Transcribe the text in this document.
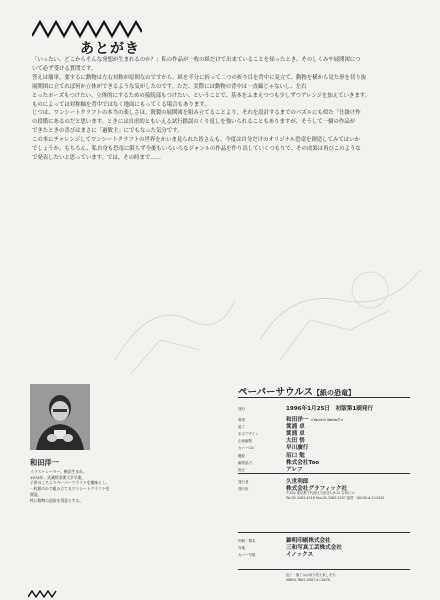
あとがき

「いったい、どこからそんな発想が生まれるのか？」私の作品が一枚の紙だけで出来ていることを知ったとき、そのしくみや展開図につ

いて必ず受ける質問です。

答えは簡単。要するに動物は左右対称が原則なのですから、紙を半分に折って二つの折り目を背中に見立て、動物を横から見た形を切り抜

展開図に立てれば何か立体ができるような気がしたのです。ただ、実際には動物の背中は一直線じゃないし、左右

とったポーズもつけたい。立体的にするための接続部もつけたい、ということで、基本をふまえつつも少しずつアレンジを加えていきます。

ものによっては対称軸を背中ではなく地面にもってくる場合もあります。

じつは、ワンシートクラフトの本当の楽しさは、既製の展開図を組み立てることより、それを設計するまでのパズルにも似た「仕掛け作

の段階にあるのだと思います。ときには自虐的ともいえる試行錯誤のくり返しを強いられることもありますが、そうして一個の作品が

できたときの喜びはまさに「過敏主」にでもなった気分です。

この本にチャレンジしてワンシートクラフトの世界をかいま見られた皆さんも、今度は自分だけのオリジナル恐竜を創造してみてはいか

でしょうか。もちろん、私自身も恐竜に限らず今後もいろいろなジャンルの作品を作り出していくつもりで、その成果は再びこのような

で発表したいと思っています。では、その時まで……

和田洋一
イラストレーター。横浜生まれ。
1974年、武蔵野美術大学卒業。
子供のころよりペーパークラフトを趣味とし、
一枚紙のみで組み立てるワンシートクラフトを開発。
特に動物の造形を得意とする。
ペーパーサウルス【紙の恐竜】
発行	1996年1月25日　初版第1刷発行
著者	和田洋一 <Youichi Wada©>
装丁	箕浦 卓
本文デザイン	箕浦 卓
企画編集	大田 悟
カバーCG	早川廣行
撮影	沼口 勉
編集協力	株式会社Too
校正	アレフ
発行者	久世利郎
発行所	株式会社グラフィック社
〒102 東京都千代田区九段北1-9-12 合同ビル
Tel.03-3263-4318 Fax.03-3263-5297 振替・00130-6-114345
印刷・製本	錦明印刷株式会社
写植	三和写真工芸株式会社
カバー写植	イノックス
乱丁・落丁はお取り替え致します。
ISBN4-7661-0907-4 C0070
